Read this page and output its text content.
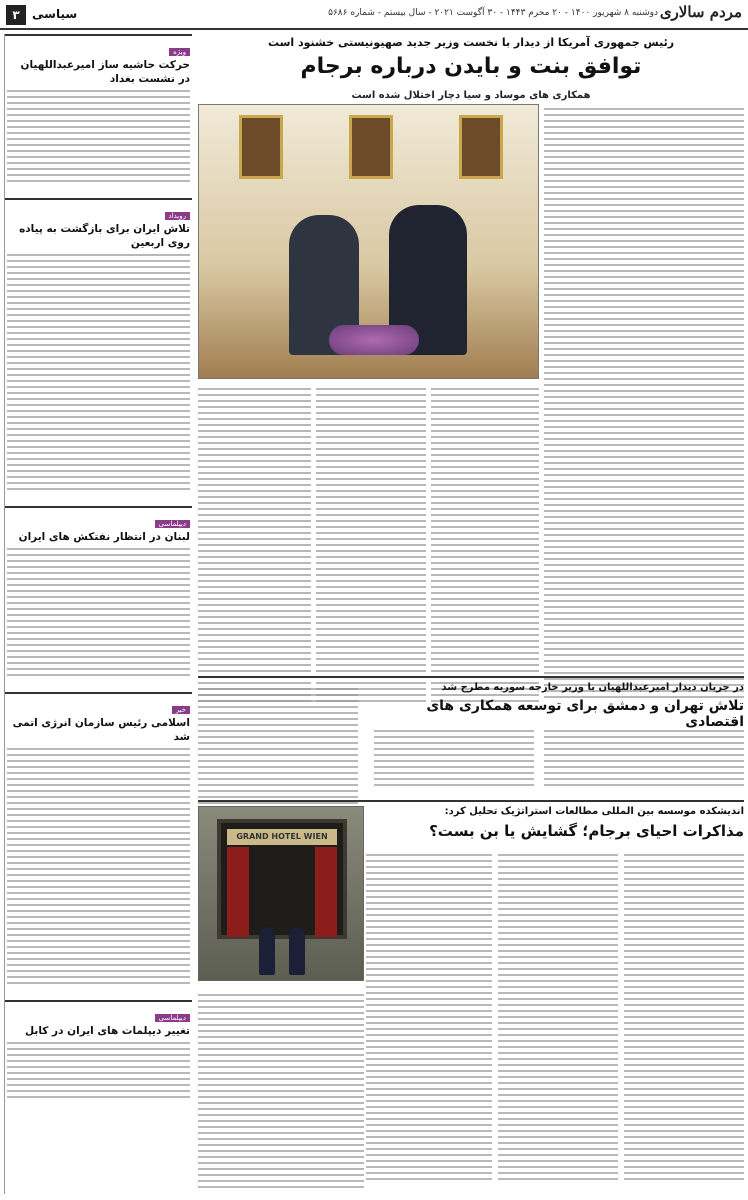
مردم سالاری
دوشنبه ۸ شهریور ۱۴۰۰ - ۲۰ محرم ۱۴۴۳ - ۳۰ آگوست ۲۰۲۱ - سال بیستم - شماره ۵۶۸۶
سیاسی
۳
ویژه
حرکت حاشیه ساز امیرعبداللهیان در نشست بغداد
رویداد
تلاش ایران برای بازگشت به پیاده روی اربعین
دیپلماسی
لبنان در انتظار نفتکش های ایران
خبر
اسلامی رئیس سازمان انرژی اتمی شد
دیپلماسی
تغییر دیپلمات های ایران در کابل
رئیس جمهوری آمریکا از دیدار با نخست وزیر جدید صهیونیستی خشنود است
توافق بنت و بایدن درباره برجام
همکاری های موساد و سیا دچار اختلال شده است
در جریان دیدار امیرعبداللهیان با وزیر خارجه سوریه مطرح شد
تلاش تهران و دمشق برای توسعه همکاری های اقتصادی
اندیشکده موسسه بین المللی مطالعات استراتژیک تحلیل کرد:
مذاکرات احیای برجام؛ گشایش یا بن بست؟
GRAND HOTEL WIEN
